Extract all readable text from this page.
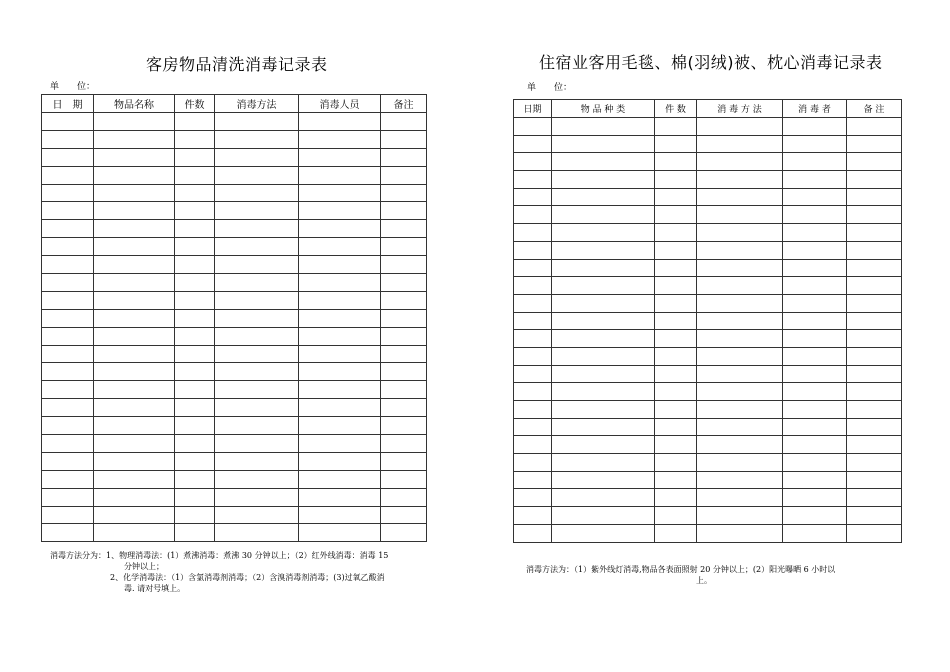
客房物品清洗消毒记录表
单　　位：
日　期	物品名称	件数	消毒方法	消毒人员	备注

消毒方法分为：1、物理消毒法：(1）煮沸消毒：煮沸 30 分钟以上；（2）红外线消毒：消毒 15

分钟以上；

2、化学消毒法：（1）含氯消毒剂消毒；（2）含溴消毒剂消毒；(3)过氧乙酸消

毒. 请对号填上。

住宿业客用毛毯、棉(羽绒)被、枕心消毒记录表
单　　位：
日期	物 品 种 类	件 数	消 毒 方 法	消 毒 者	备 注

消毒方法为：（1）紫外线灯消毒,物品各表面照射 20 分钟以上；(2）阳光曝晒 6 小时以

上。
